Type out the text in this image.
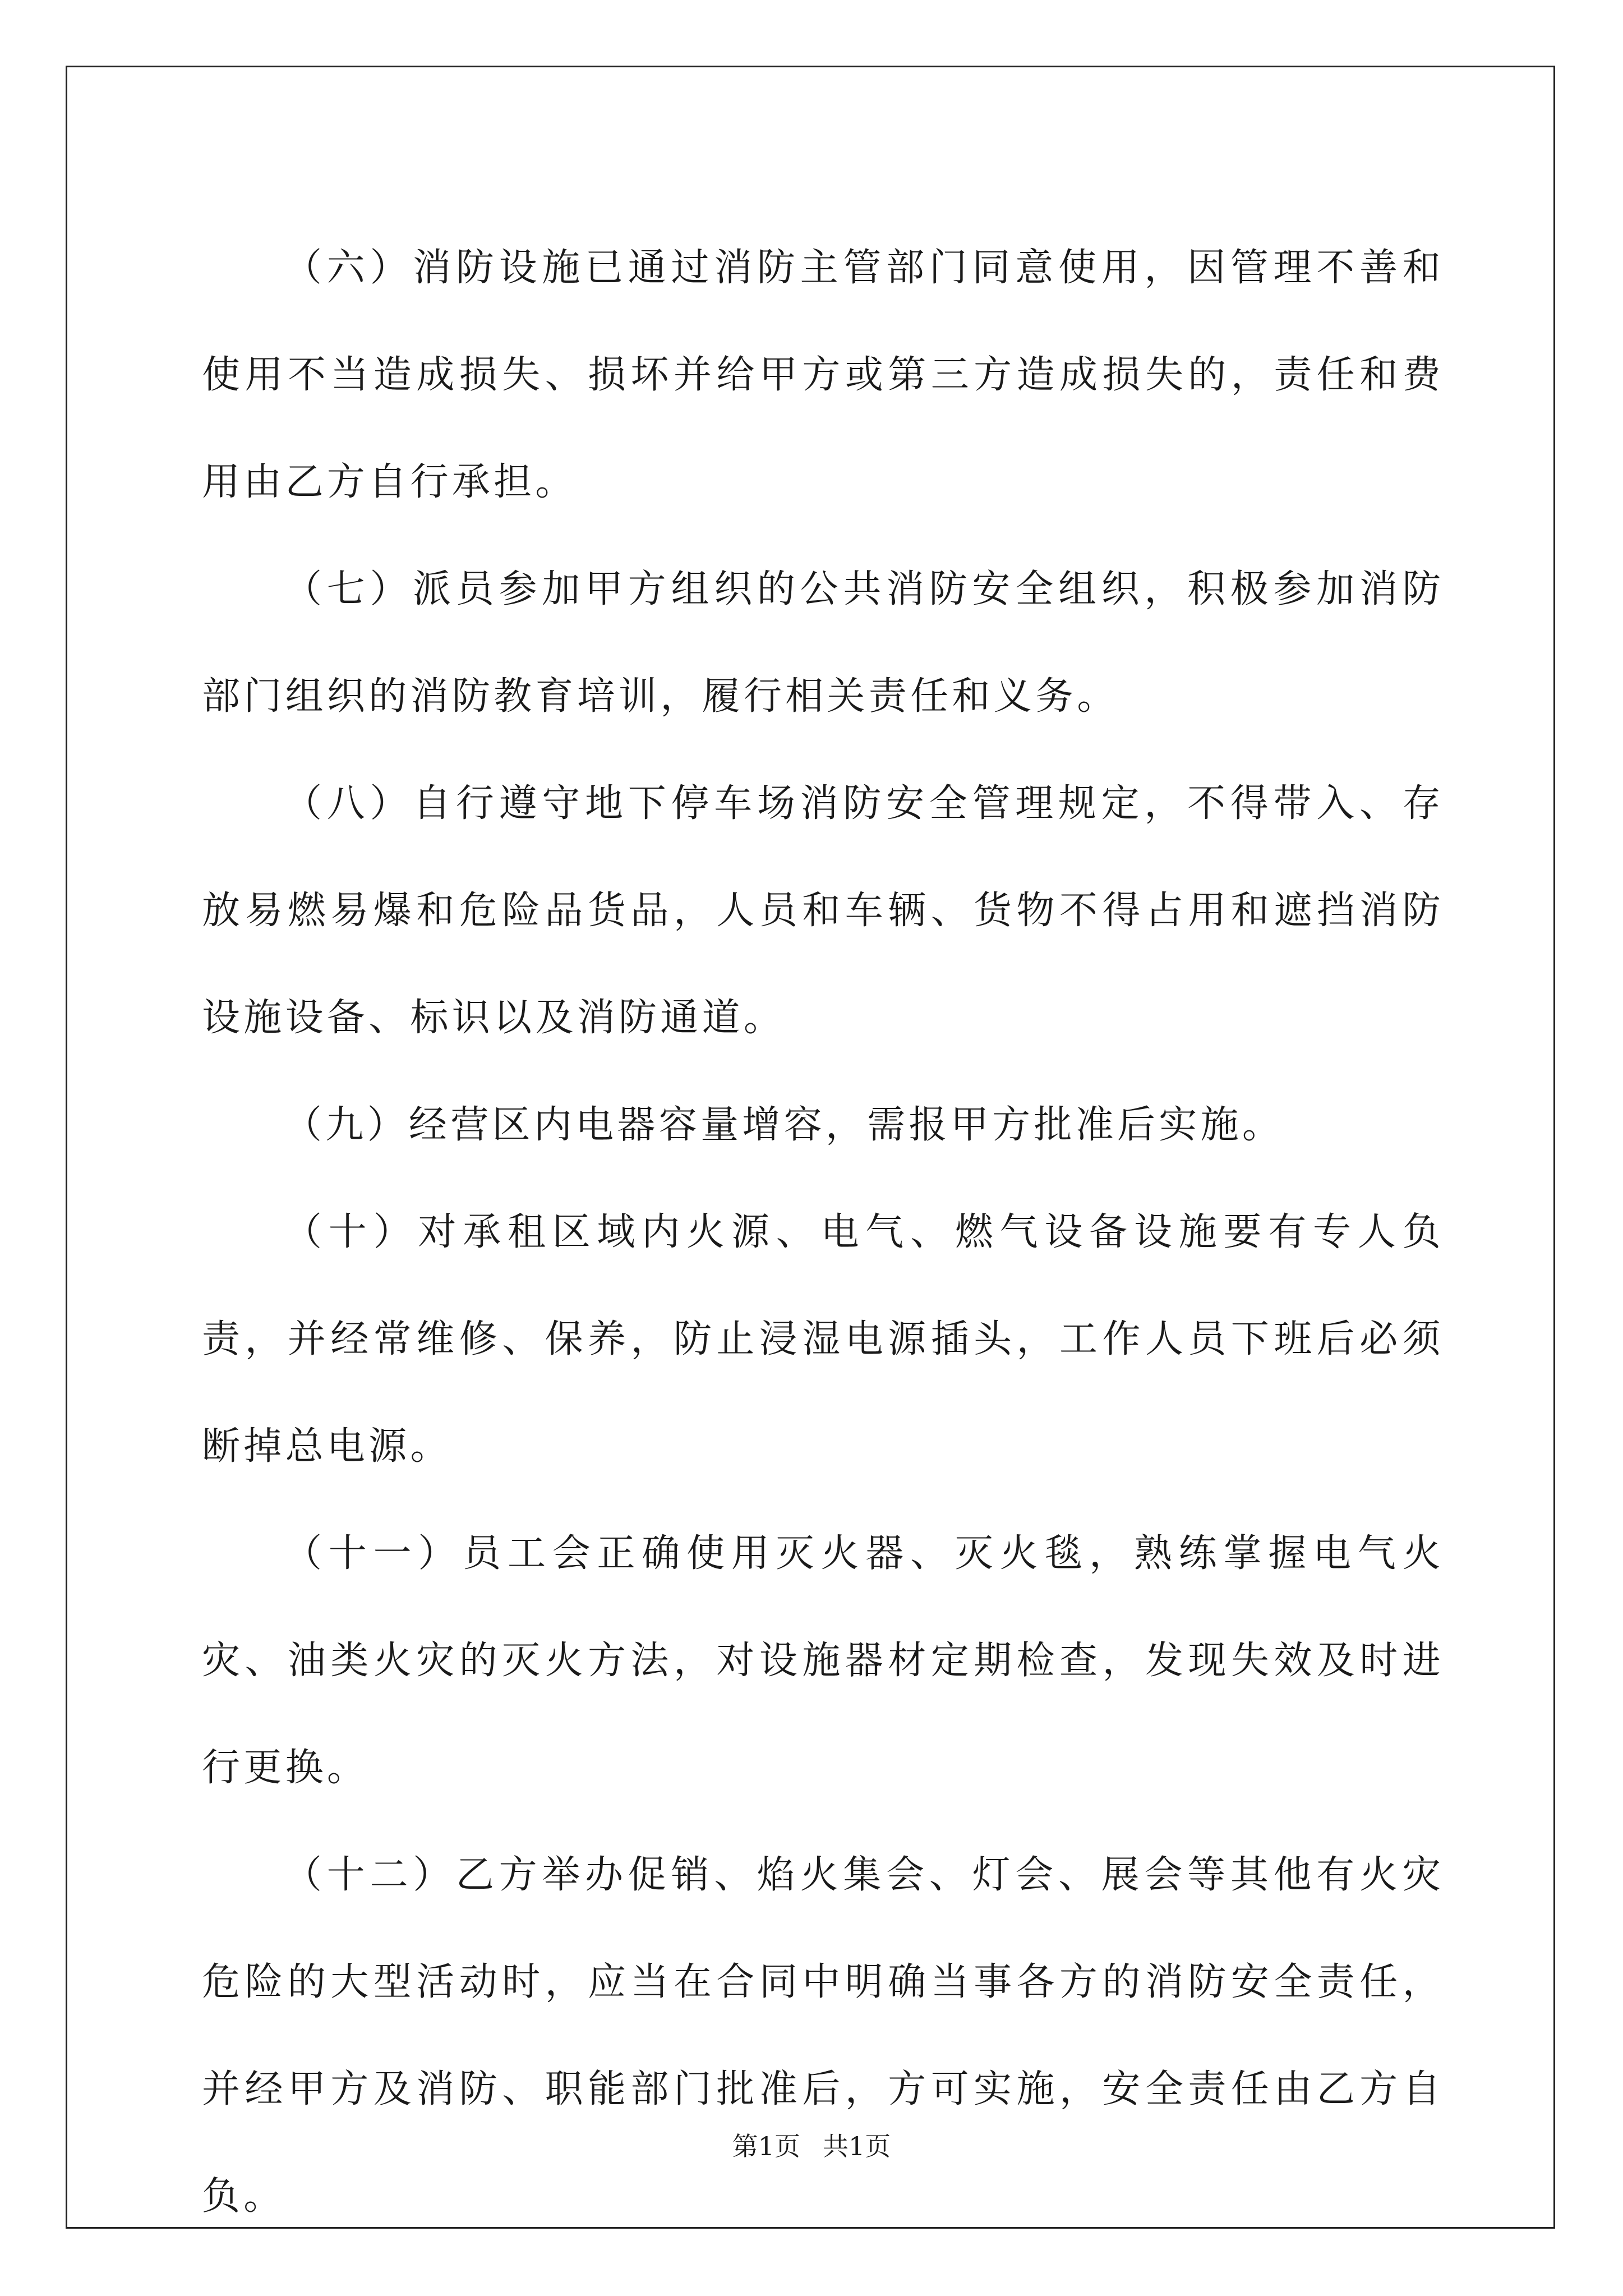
（六）消防设施已通过消防主管部门同意使用，因管理不善和使用不当造成损失、损坏并给甲方或第三方造成损失的，责任和费用由乙方自行承担。

（七）派员参加甲方组织的公共消防安全组织，积极参加消防部门组织的消防教育培训，履行相关责任和义务。

（八）自行遵守地下停车场消防安全管理规定，不得带入、存放易燃易爆和危险品货品，人员和车辆、货物不得占用和遮挡消防设施设备、标识以及消防通道。

（九）经营区内电器容量增容，需报甲方批准后实施。

（十）对承租区域内火源、电气、燃气设备设施要有专人负责，并经常维修、保养，防止浸湿电源插头，工作人员下班后必须断掉总电源。

（十一）员工会正确使用灭火器、灭火毯，熟练掌握电气火灾、油类火灾的灭火方法，对设施器材定期检查，发现失效及时进行更换。

（十二）乙方举办促销、焰火集会、灯会、展会等其他有火灾危险的大型活动时，应当在合同中明确当事各方的消防安全责任，并经甲方及消防、职能部门批准后，方可实施，安全责任由乙方自负。

第1页 共1页
